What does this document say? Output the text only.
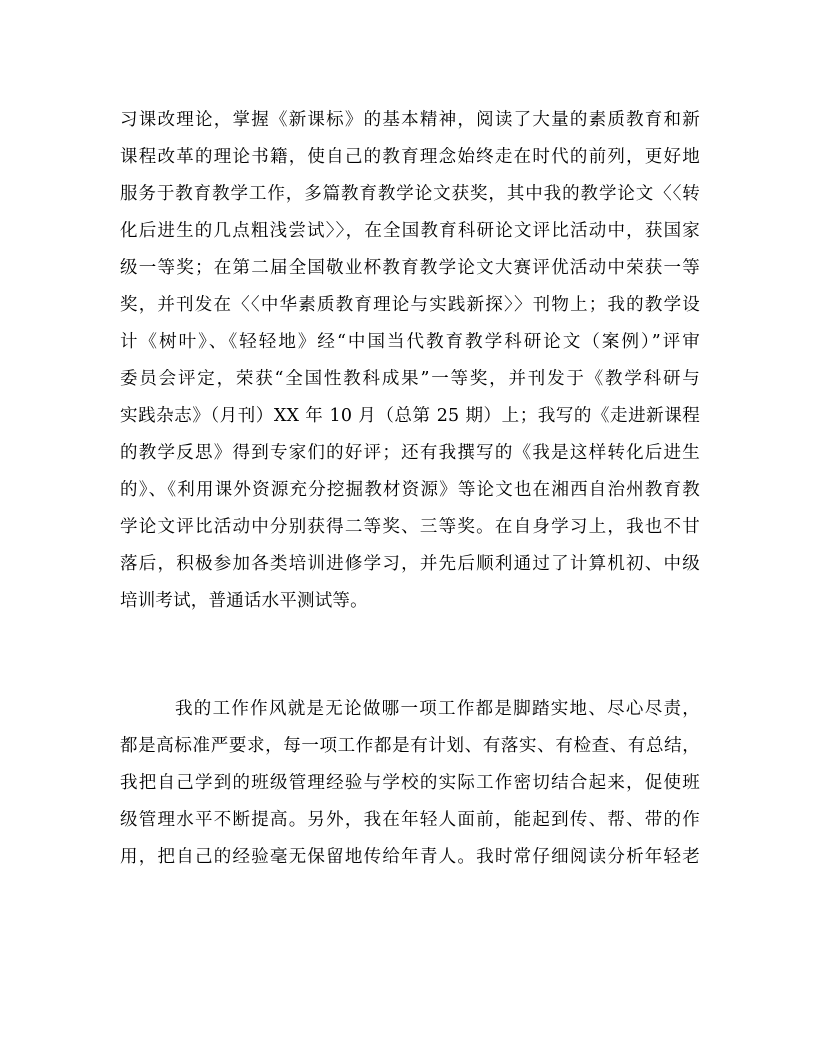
习课改理论，掌握《新课标》的基本精神，阅读了大量的素质教育和新
课程改革的理论书籍，使自己的教育理念始终走在时代的前列，更好地
服务于教育教学工作，多篇教育教学论文获奖，其中我的教学论文〈〈转
化后进生的几点粗浅尝试〉〉，在全国教育科研论文评比活动中，获国家
级一等奖；在第二届全国敬业杯教育教学论文大赛评优活动中荣获一等
奖，并刊发在〈〈中华素质教育理论与实践新探〉〉刊物上；我的教学设
计《树叶》、《轻轻地》经“中国当代教育教学科研论文（案例）”评审
委员会评定，荣获“全国性教科成果”一等奖，并刊发于《教学科研与
实践杂志》（月刊）XX 年 10 月（总第 25 期）上；我写的《走进新课程
的教学反思》得到专家们的好评；还有我撰写的《我是这样转化后进生
的》、《利用课外资源充分挖掘教材资源》等论文也在湘西自治州教育教
学论文评比活动中分别获得二等奖、三等奖。在自身学习上，我也不甘
落后，积极参加各类培训进修学习，并先后顺利通过了计算机初、中级
培训考试，普通话水平测试等。
我的工作作风就是无论做哪一项工作都是脚踏实地、尽心尽责，
都是高标准严要求，每一项工作都是有计划、有落实、有检查、有总结，
我把自己学到的班级管理经验与学校的实际工作密切结合起来，促使班
级管理水平不断提高。另外，我在年轻人面前，能起到传、帮、带的作
用，把自己的经验毫无保留地传给年青人。我时常仔细阅读分析年轻老
